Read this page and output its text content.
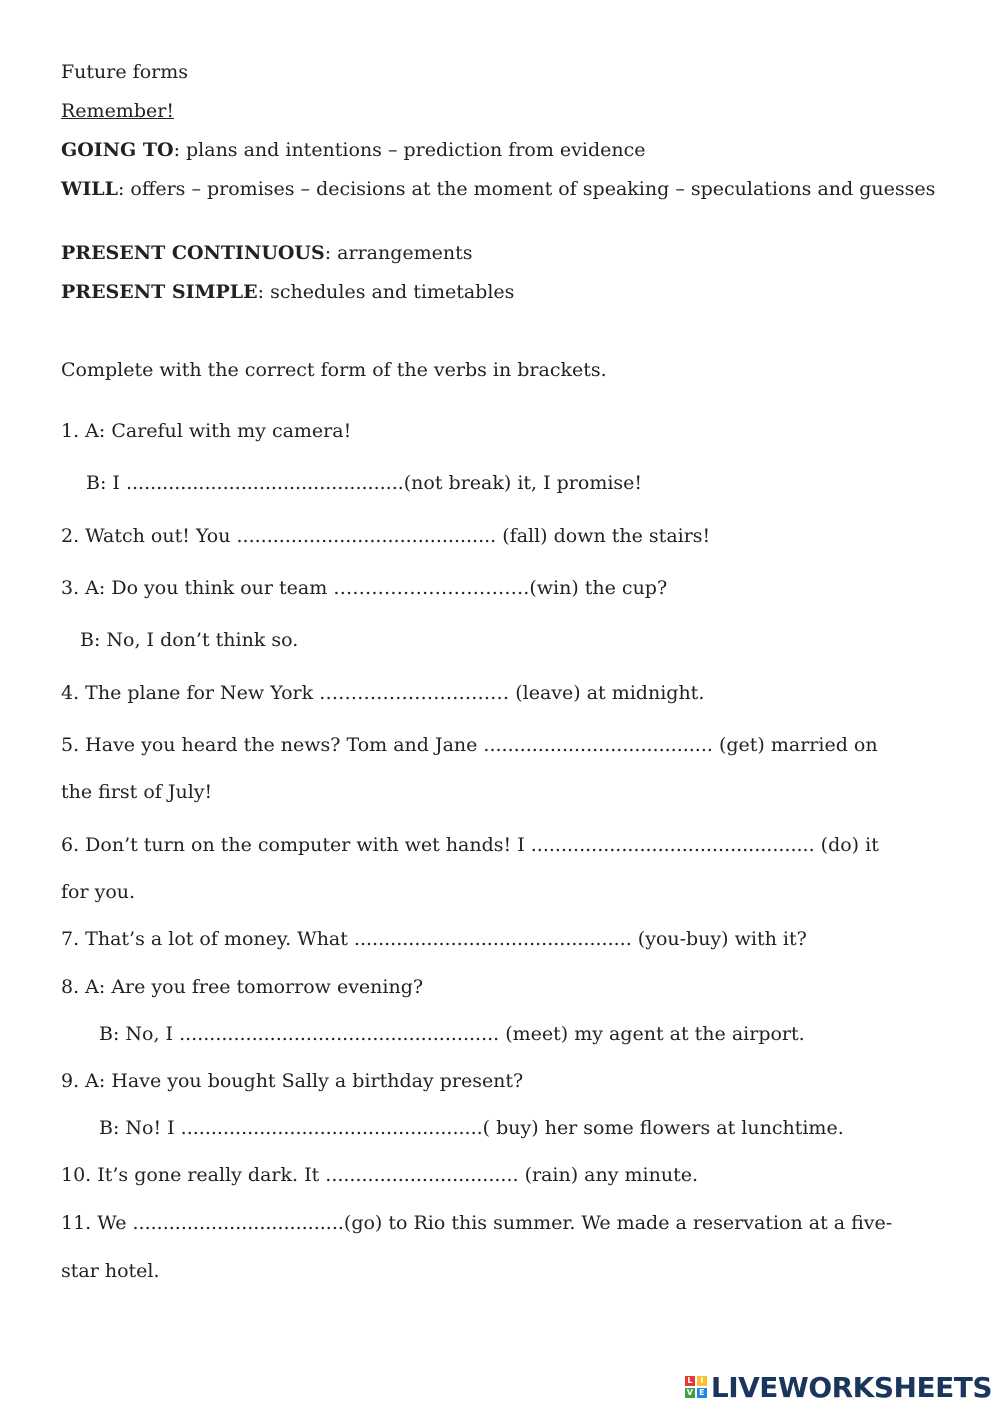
Future forms
Remember!
GOING TO: plans and intentions – prediction from evidence
WILL: offers – promises – decisions at the moment of speaking – speculations and guesses
PRESENT CONTINUOUS: arrangements
PRESENT SIMPLE: schedules and timetables
Complete with the correct form of the verbs in brackets.
1. A: Careful with my camera!
B: I ..............................................(not break) it, I promise!
2. Watch out! You ........................................... (fall) down the stairs!
3. A: Do you think our team ………………………….(win) the cup?
B: No, I don’t think so.
4. The plane for New York ………………………… (leave) at midnight.
5. Have you heard the news? Tom and Jane ...................................... (get) married on
the first of July!
6. Don’t turn on the computer with wet hands! I ............................................... (do) it
for you.
7. That’s a lot of money. What .............................................. (you-buy) with it?
8. A: Are you free tomorrow evening?
B: No, I ..................................................... (meet) my agent at the airport.
9. A: Have you bought Sally a birthday present?
B: No! I ..................................................( buy) her some flowers at lunchtime.
10. It’s gone really dark. It ................................ (rain) any minute.
11. We ...................................(go) to Rio this summer. We made a reservation at a five-
star hotel.
L I
V E LIVEWORKSHEETS
